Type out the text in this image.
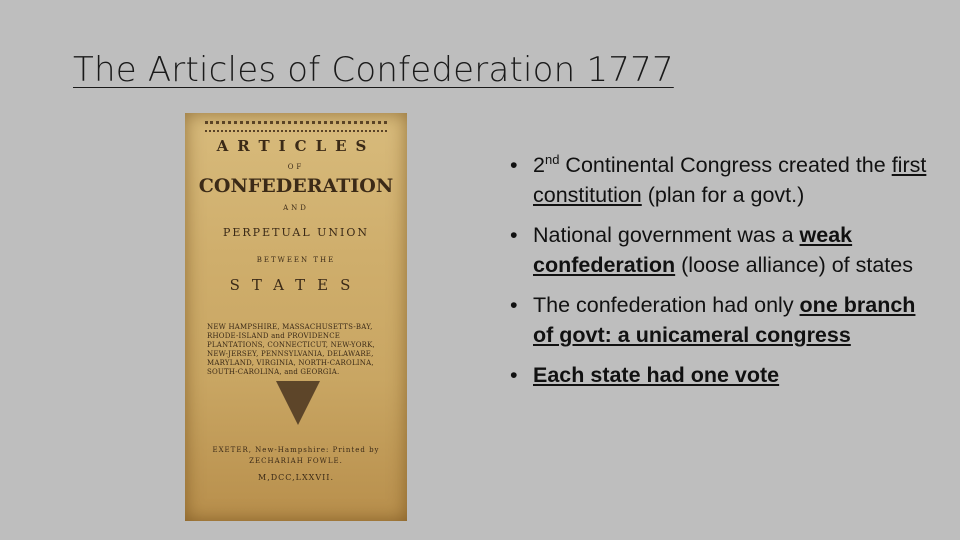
The Articles of Confederation 1777
ARTICLES
OF
CONFEDERATION
AND
PERPETUAL UNION
BETWEEN THE
STATES
NEW HAMPSHIRE, MASSACHUSETTS-BAY, RHODE-ISLAND and PROVIDENCE PLANTATIONS, CONNECTICUT, NEW-YORK, NEW-JERSEY, PENNSYLVANIA, DELAWARE, MARYLAND, VIRGINIA, NORTH-CAROLINA, SOUTH-CAROLINA, and GEORGIA.
EXETER, New-Hampshire: Printed by ZECHARIAH FOWLE.
M,DCC,LXXVII.
• 2nd Continental Congress created the first constitution (plan for a govt.)
• National government was a weak confederation (loose alliance) of states
• The confederation had only one branch of govt: a unicameral congress
• Each state had one vote
